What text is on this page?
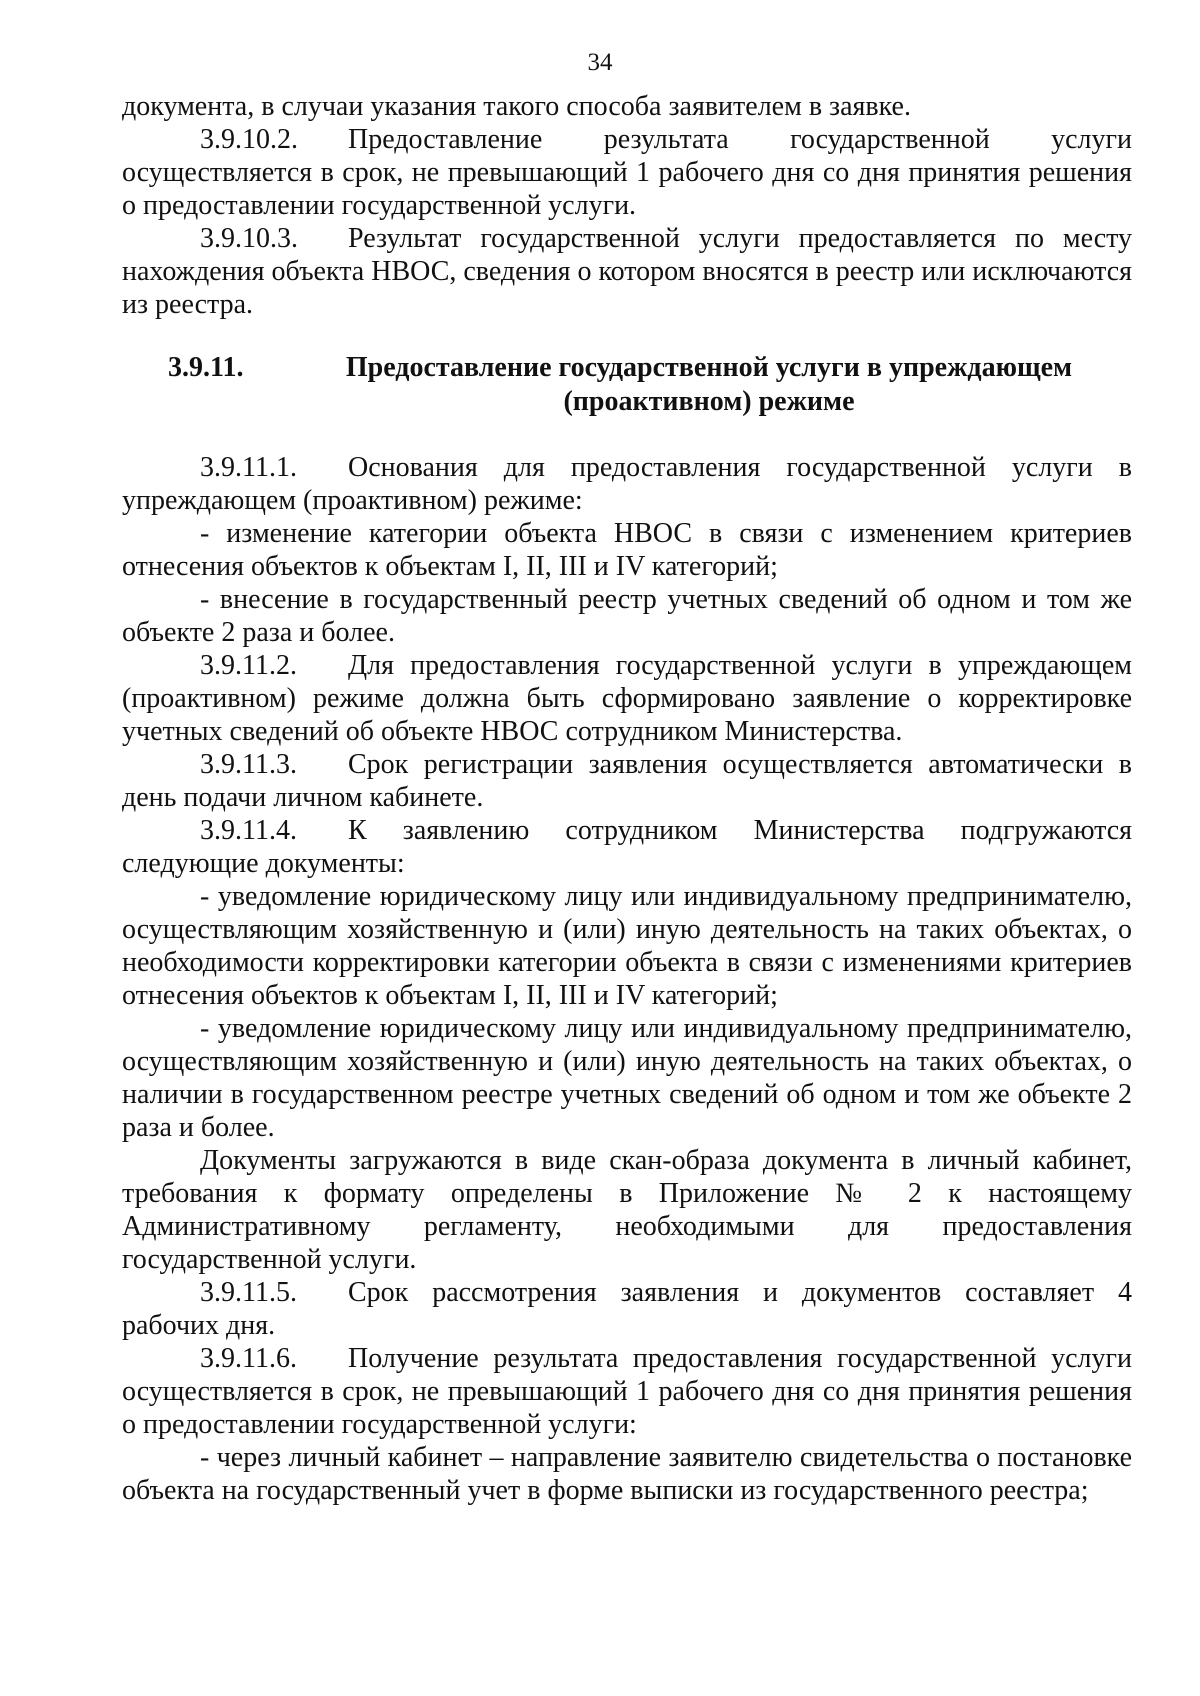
34

документа, в случаи указания такого способа заявителем в заявке.

3.9.10.2. Предоставление результата государственной услуги осуществляется в срок, не превышающий 1 рабочего дня со дня принятия решения о предоставлении государственной услуги.

3.9.10.3. Результат государственной услуги предоставляется по месту нахождения объекта НВОС, сведения о котором вносятся в реестр или исключаются из реестра.

3.9.11.	Предоставление государственной услуги в упреждающем (проактивном) режиме

3.9.11.1. Основания для предоставления государственной услуги в упреждающем (проактивном) режиме:

- изменение категории объекта НВОС в связи с изменением критериев отнесения объектов к объектам I, II, III и IV категорий;

- внесение в государственный реестр учетных сведений об одном и том же объекте 2 раза и более.

3.9.11.2. Для предоставления государственной услуги в упреждающем (проактивном) режиме должна быть сформировано заявление о корректировке учетных сведений об объекте НВОС сотрудником Министерства.

3.9.11.3. Срок регистрации заявления осуществляется автоматически в день подачи личном кабинете.

3.9.11.4. К заявлению сотрудником Министерства подгружаются следующие документы:

- уведомление юридическому лицу или индивидуальному предпринимателю, осуществляющим хозяйственную и (или) иную деятельность на таких объектах, о необходимости корректировки категории объекта в связи с изменениями критериев отнесения объектов к объектам I, II, III и IV категорий;

- уведомление юридическому лицу или индивидуальному предпринимателю, осуществляющим хозяйственную и (или) иную деятельность на таких объектах, о наличии в государственном реестре учетных сведений об одном и том же объекте 2 раза и более.

Документы загружаются в виде скан-образа документа в личный кабинет, требования к формату определены в Приложение № 2 к настоящему Административному регламенту, необходимыми для предоставления государственной услуги.

3.9.11.5. Срок рассмотрения заявления и документов составляет 4 рабочих дня.

3.9.11.6. Получение результата предоставления государственной услуги осуществляется в срок, не превышающий 1 рабочего дня со дня принятия решения о предоставлении государственной услуги:

- через личный кабинет – направление заявителю свидетельства о постановке объекта на государственный учет в форме выписки из государственного реестра;
